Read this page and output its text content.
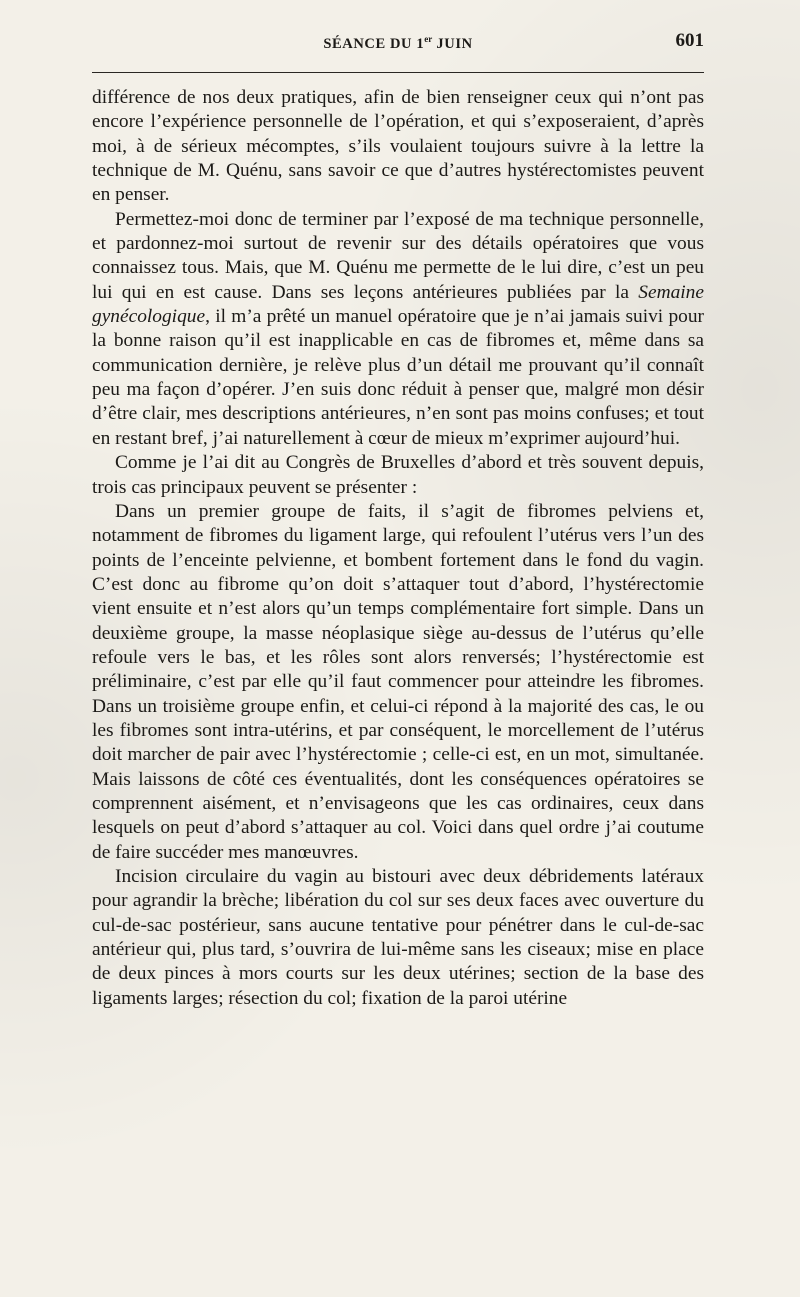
SÉANCE DU 1er JUIN	601

différence de nos deux pratiques, afin de bien renseigner ceux qui n’ont pas encore l’expérience personnelle de l’opération, et qui s’exposeraient, d’après moi, à de sérieux mécomptes, s’ils voulaient toujours suivre à la lettre la technique de M. Quénu, sans savoir ce que d’autres hystérectomistes peuvent en penser.

Permettez-moi donc de terminer par l’exposé de ma technique personnelle, et pardonnez-moi surtout de revenir sur des détails opératoires que vous connaissez tous. Mais, que M. Quénu me permette de le lui dire, c’est un peu lui qui en est cause. Dans ses leçons antérieures publiées par la Semaine gynécologique, il m’a prêté un manuel opératoire que je n’ai jamais suivi pour la bonne raison qu’il est inapplicable en cas de fibromes et, même dans sa communication dernière, je relève plus d’un détail me prouvant qu’il connaît peu ma façon d’opérer. J’en suis donc réduit à penser que, malgré mon désir d’être clair, mes descriptions antérieures, n’en sont pas moins confuses; et tout en restant bref, j’ai naturellement à cœur de mieux m’exprimer aujourd’hui.

Comme je l’ai dit au Congrès de Bruxelles d’abord et très souvent depuis, trois cas principaux peuvent se présenter :

Dans un premier groupe de faits, il s’agit de fibromes pelviens et, notamment de fibromes du ligament large, qui refoulent l’utérus vers l’un des points de l’enceinte pelvienne, et bombent fortement dans le fond du vagin. C’est donc au fibrome qu’on doit s’attaquer tout d’abord, l’hystérectomie vient ensuite et n’est alors qu’un temps complémentaire fort simple. Dans un deuxième groupe, la masse néoplasique siège au-dessus de l’utérus qu’elle refoule vers le bas, et les rôles sont alors renversés; l’hystérectomie est préliminaire, c’est par elle qu’il faut commencer pour atteindre les fibromes. Dans un troisième groupe enfin, et celui-ci répond à la majorité des cas, le ou les fibromes sont intra-utérins, et par conséquent, le morcellement de l’utérus doit marcher de pair avec l’hystérectomie ; celle-ci est, en un mot, simultanée. Mais laissons de côté ces éventualités, dont les conséquences opératoires se comprennent aisément, et n’envisageons que les cas ordinaires, ceux dans lesquels on peut d’abord s’attaquer au col. Voici dans quel ordre j’ai coutume de faire succéder mes manœuvres.

Incision circulaire du vagin au bistouri avec deux débridements latéraux pour agrandir la brèche; libération du col sur ses deux faces avec ouverture du cul-de-sac postérieur, sans aucune tentative pour pénétrer dans le cul-de-sac antérieur qui, plus tard, s’ouvrira de lui-même sans les ciseaux; mise en place de deux pinces à mors courts sur les deux utérines; section de la base des ligaments larges; résection du col; fixation de la paroi utérine
